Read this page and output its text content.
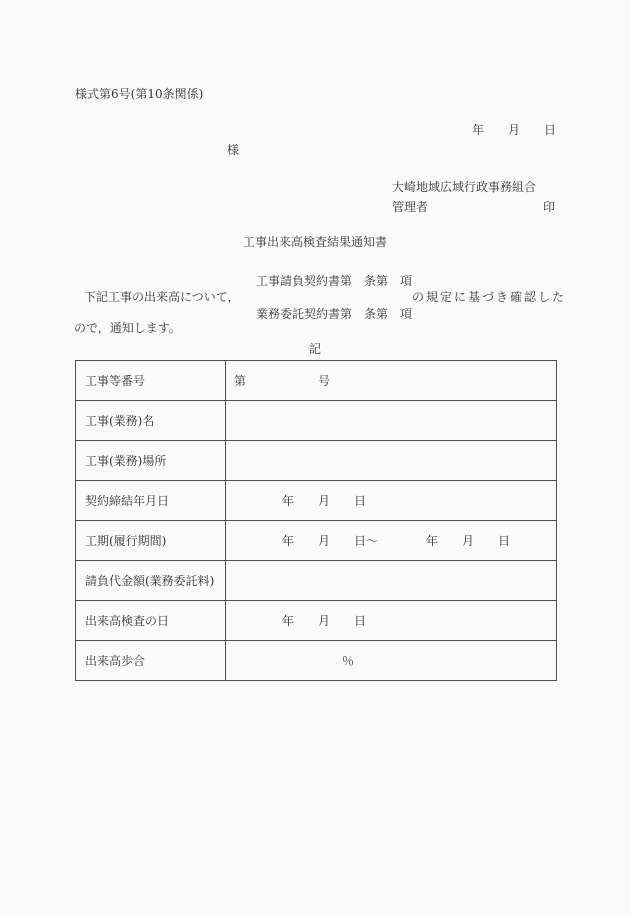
様式第6号(第10条関係)
年　　月　　日
様
大崎地域広域行政事務組合
管理者	印
工事出来高検査結果通知書
工事請負契約書第　条第　項
下記工事の出来高について，	の規定に基づき確認した
業務委託契約書第　条第　項
ので，通知します。
記
工事等番号	第　　　　　　号
工事(業務)名	
工事(業務)場所	
契約締結年月日	　　　　年　　月　　日
工期(履行期間)	　　　　年　　月　　日～　　　　年　　月　　日
請負代金額(業務委託料)	
出来高検査の日	　　　　年　　月　　日
出来高歩合	　　　　　　　　　％
